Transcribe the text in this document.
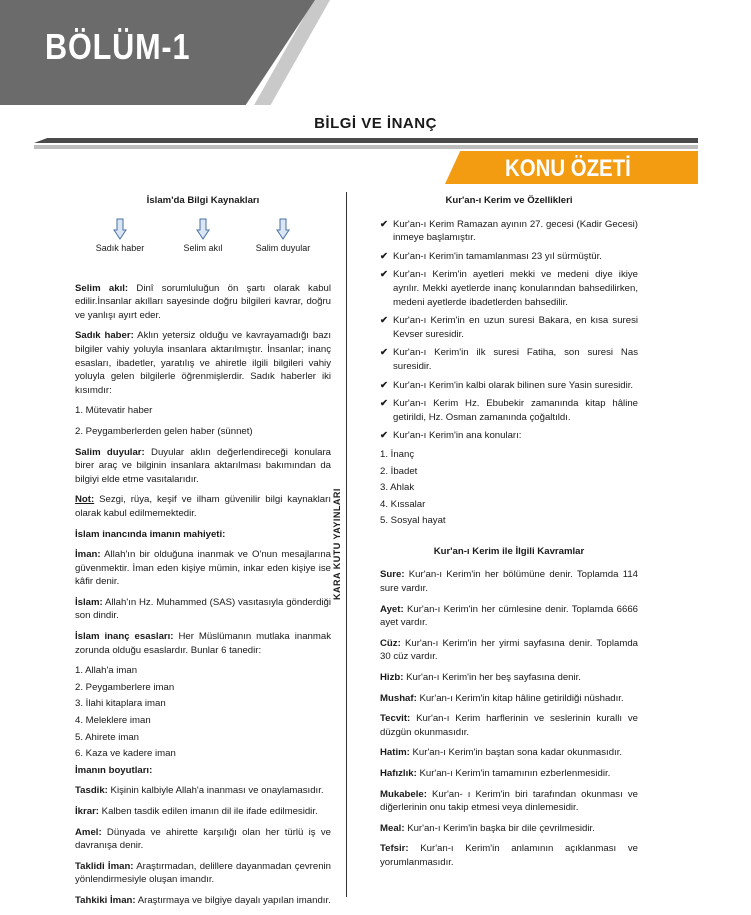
BÖLÜM-1
BİLGİ VE İNANÇ
KONU ÖZETİ
KARA KUTU YAYINLARI
İslam'da Bilgi Kaynakları
Sadık haber	Selim akıl	Salim duyular

Selim akıl: Dinî sorumluluğun ön şartı olarak kabul edilir.İnsanlar akılları sayesinde doğru bilgileri kavrar, doğru ve yanlışı ayırt eder.

Sadık haber: Aklın yetersiz olduğu ve kavrayamadığı bazı bilgiler vahiy yoluyla insanlara aktarılmıştır. İnsanlar; inanç esasları, ibadetler, yaratılış ve ahiretle ilgili bilgileri vahiy yoluyla gelen bilgilerle öğrenmişlerdir. Sadık haberler iki kısımdır:

1. Mütevatir haber
2. Peygamberlerden gelen haber (sünnet)

Salim duyular: Duyular aklın değerlendireceği konulara birer araç ve bilginin insanlara aktarılması bakımından da bilgiyi elde etme vasıtalarıdır.

Not: Sezgi, rüya, keşif ve ilham güvenilir bilgi kaynakları olarak kabul edilmemektedir.

İslam inancında imanın mahiyeti:

İman: Allah'ın bir olduğuna inanmak ve O'nun mesajlarına güvenmektir. İman eden kişiye mümin, inkar eden kişiye ise kâfir denir.

İslam: Allah'ın Hz. Muhammed (SAS) vasıtasıyla gönderdiği son dindir.

İslam inanç esasları: Her Müslümanın mutlaka inanmak zorunda olduğu esaslardır. Bunlar 6 tanedir:

1. Allah'a iman
2. Peygamberlere iman
3. İlahi kitaplara iman
4. Meleklere iman
5. Ahirete iman
6. Kaza ve kadere iman

İmanın boyutları:

Tasdik: Kişinin kalbiyle Allah'a inanması ve onaylamasıdır.

İkrar: Kalben tasdik edilen imanın dil ile ifade edilmesidir.

Amel: Dünyada ve ahirette karşılığı olan her türlü iş ve davranışa denir.

Taklidi İman: Araştırmadan, delillere dayanmadan çevrenin yönlendirmesiyle oluşan imandır.

Tahkiki İman: Araştırmaya ve bilgiye dayalı yapılan imandır.

Kur'an-ı Kerim ve Özellikleri
✔ Kur'an-ı Kerim Ramazan ayının 27. gecesi (Kadir Gecesi) inmeye başlamıştır.
✔ Kur'an-ı Kerim'in tamamlanması 23 yıl sürmüştür.
✔ Kur'an-ı Kerim'in ayetleri mekki ve medeni diye ikiye ayrılır. Mekki ayetlerde inanç konularından bahsedilirken, medeni ayetlerde ibadetlerden bahsedilir.
✔ Kur'an-ı Kerim'in en uzun suresi Bakara, en kısa suresi Kevser suresidir.
✔ Kur'an-ı Kerim'in ilk suresi Fatiha, son suresi Nas suresidir.
✔ Kur'an-ı Kerim'in kalbi olarak bilinen sure Yasin suresidir.
✔ Kur'an-ı Kerim Hz. Ebubekir zamanında kitap hâline getirildi, Hz. Osman zamanında çoğaltıldı.
✔ Kur'an-ı Kerim'in ana konuları:
1. İnanç
2. İbadet
3. Ahlak
4. Kıssalar
5. Sosyal hayat
Kur'an-ı Kerim ile İlgili Kavramlar

Sure: Kur'an-ı Kerim'in her bölümüne denir. Toplamda 114 sure vardır.

Ayet: Kur'an-ı Kerim'in her cümlesine denir. Toplamda 6666 ayet vardır.

Cüz: Kur'an-ı Kerim'in her yirmi sayfasına denir. Toplamda 30 cüz vardır.

Hizb: Kur'an-ı Kerim'in her beş sayfasına denir.

Mushaf: Kur'an-ı Kerim'in kitap hâline getirildiği nüshadır.

Tecvit: Kur'an-ı Kerim harflerinin ve seslerinin kurallı ve düzgün okunmasıdır.

Hatim: Kur'an-ı Kerim'in baştan sona kadar okunmasıdır.

Hafızlık: Kur'an-ı Kerim'in tamamının ezberlenmesidir.

Mukabele: Kur'an- ı Kerim'in biri tarafından okunması ve diğerlerinin onu takip etmesi veya dinlemesidir.

Meal: Kur'an-ı Kerim'in başka bir dile çevrilmesidir.

Tefsir: Kur'an-ı Kerim'in anlamının açıklanması ve yorumlanmasıdır.
